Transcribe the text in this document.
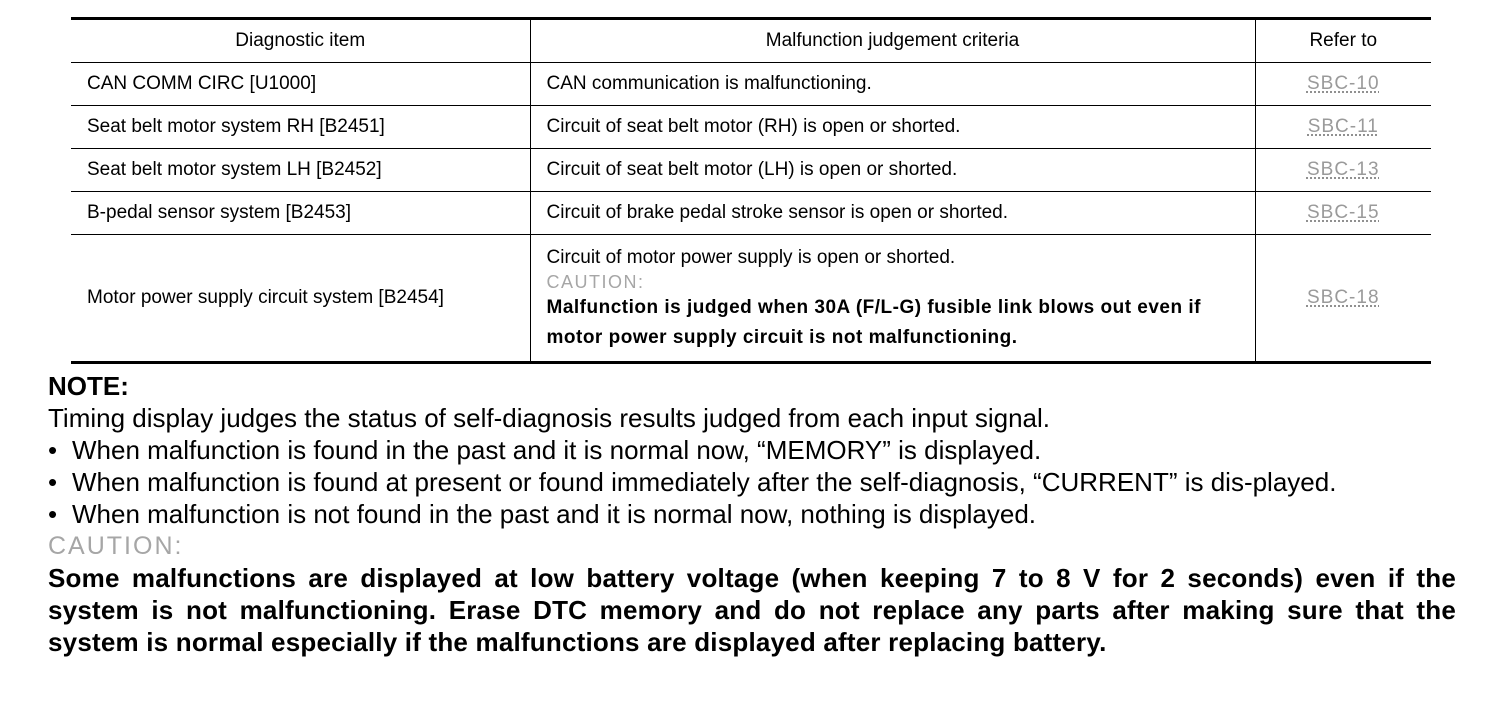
Diagnostic item	Malfunction judgement criteria	Refer to
CAN COMM CIRC [U1000]	CAN communication is malfunctioning.	SBC-10
Seat belt motor system RH [B2451]	Circuit of seat belt motor (RH) is open or shorted.	SBC-11
Seat belt motor system LH [B2452]	Circuit of seat belt motor (LH) is open or shorted.	SBC-13
B-pedal sensor system [B2453]	Circuit of brake pedal stroke sensor is open or shorted.	SBC-15
Motor power supply circuit system [B2454]	Circuit of motor power supply is open or shorted.
CAUTION:
Malfunction is judged when 30A (F/L-G) fusible link blows out even if motor power supply circuit is not malfunctioning.	SBC-18

NOTE:

Timing display judges the status of self-diagnosis results judged from each input signal.

• When malfunction is found in the past and it is normal now, “MEMORY” is displayed.

• When malfunction is found at present or found immediately after the self-diagnosis, “CURRENT” is dis-played.

• When malfunction is not found in the past and it is normal now, nothing is displayed.

CAUTION:

Some malfunctions are displayed at low battery voltage (when keeping 7 to 8 V for 2 seconds) even if the system is not malfunctioning. Erase DTC memory and do not replace any parts after making sure that the system is normal especially if the malfunctions are displayed after replacing battery.
